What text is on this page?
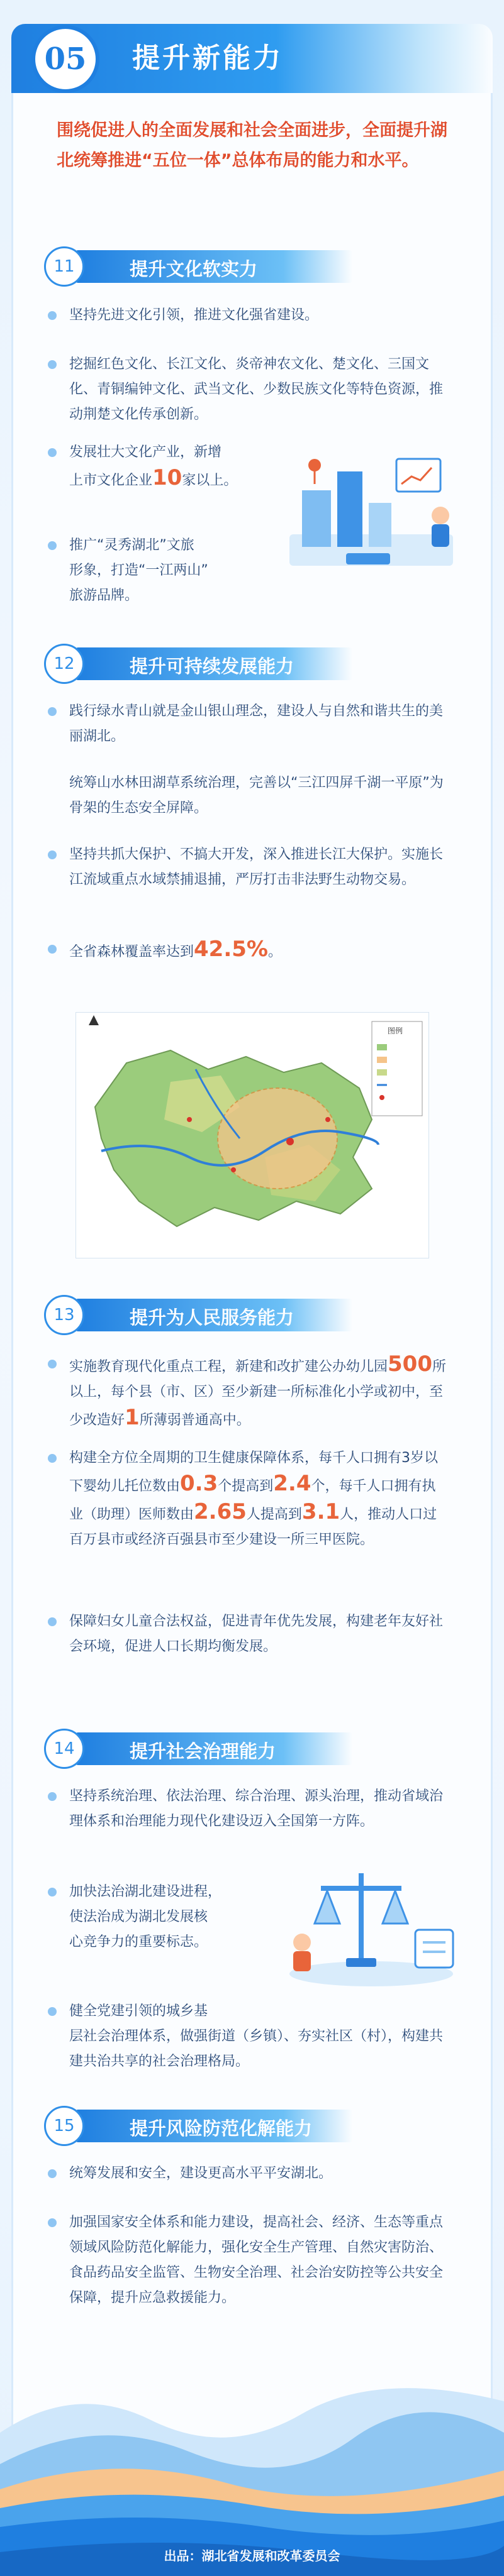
05 提升新能力
围绕促进人的全面发展和社会全面进步，全面提升湖北统筹推进“五位一体”总体布局的能力和水平。
提升文化软实力
11
坚持先进文化引领，推进文化强省建设。
挖掘红色文化、长江文化、炎帝神农文化、楚文化、三国文化、青铜编钟文化、武当文化、少数民族文化等特色资源，推动荆楚文化传承创新。
发展壮大文化产业，新增
上市文化企业10家以上。
推广“灵秀湖北”文旅
形象，打造“一江两山”
旅游品牌。
提升可持续发展能力
12
践行绿水青山就是金山银山理念，建设人与自然和谐共生的美丽湖北。
统筹山水林田湖草系统治理，完善以“三江四屏千湖一平原”为骨架的生态安全屏障。
坚持共抓大保护、不搞大开发，深入推进长江大保护。实施长江流域重点水域禁捕退捕，严厉打击非法野生动物交易。
全省森林覆盖率达到42.5%。
图例
提升为人民服务能力
13
实施教育现代化重点工程，新建和改扩建公办幼儿园500所以上，每个县（市、区）至少新建一所标准化小学或初中，至少改造好1所薄弱普通高中。
构建全方位全周期的卫生健康保障体系，每千人口拥有3岁以下婴幼儿托位数由0.3个提高到2.4个，每千人口拥有执业（助理）医师数由2.65人提高到3.1人，推动人口过百万县市或经济百强县市至少建设一所三甲医院。
保障妇女儿童合法权益，促进青年优先发展，构建老年友好社会环境，促进人口长期均衡发展。
提升社会治理能力
14
坚持系统治理、依法治理、综合治理、源头治理，推动省域治理体系和治理能力现代化建设迈入全国第一方阵。
加快法治湖北建设进程，
使法治成为湖北发展核
心竞争力的重要标志。
健全党建引领的城乡基
层社会治理体系，做强街道（乡镇）、夯实社区（村），构建共建共治共享的社会治理格局。
提升风险防范化解能力
15
统筹发展和安全，建设更高水平平安湖北。
加强国家安全体系和能力建设，提高社会、经济、生态等重点领域风险防范化解能力，强化安全生产管理、自然灾害防治、食品药品安全监管、生物安全治理、社会治安防控等公共安全保障，提升应急救援能力。
出品：湖北省发展和改革委员会
